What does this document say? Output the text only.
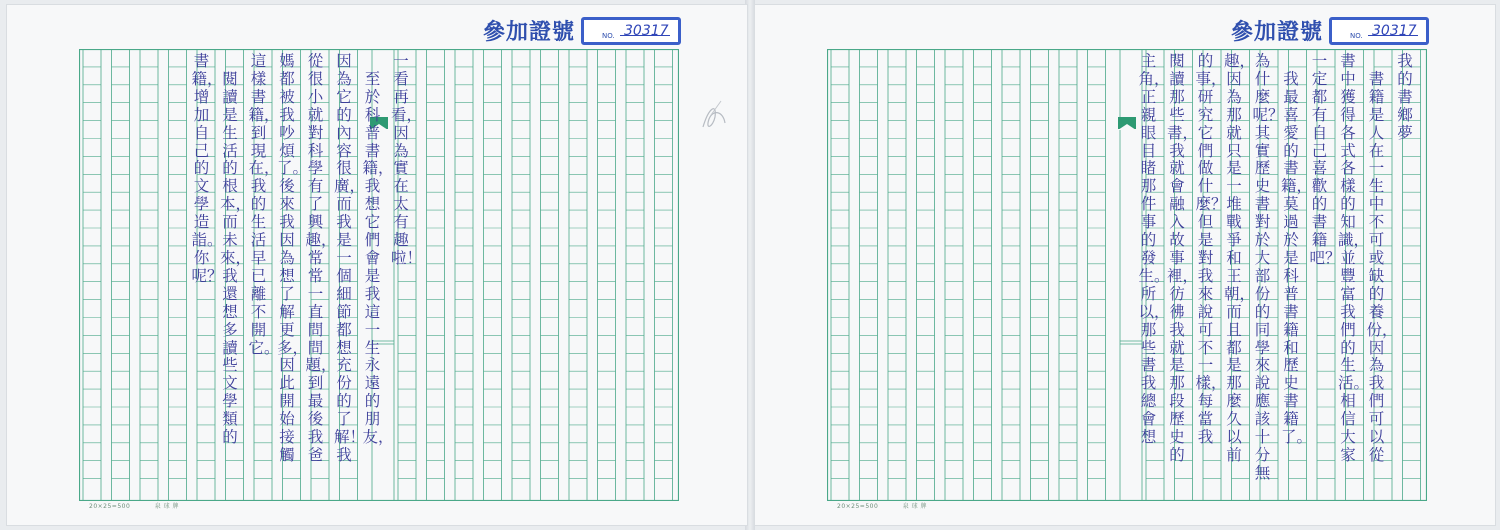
參加證號	NO. 30317
20×25=500	泉 球 牌
一看再看，因為實在太有趣啦！
　至於科普書籍，我想它們會是我這一生永遠的朋友，
因為它的內容很廣，而我是一個細節都想充份的了解！我
從很小就對科學有了興趣，常常一直問問題，到最後我爸
媽都被我吵煩了。後來我因為想了解更多，因此開始接觸
這樣書籍，到現在，我的生活早已離不開它。
　閱讀是生活的根本，而未來，我還想多讀些文學類的
書籍，增加自己的文學造詣。你呢？
參加證號	NO. 30317
20×25=500	泉 球 牌
我的書鄉夢
　書籍是人在一生中不可或缺的養份，因為我們可以從
書中獲得各式各樣的知識，並豐富我們的生活。相信大家
一定都有自己喜歡的書籍吧？
　我最喜愛的書籍，莫過於是科普書籍和歷史書籍了。
為什麼呢？其實歷史書對於大部份的同學來說應該十分無
趣，因為那就只是一堆戰爭和王朝，而且都是那麼久以前
的事，研究它們做什麼？但是對我來說可不一樣，每當我
閱讀那些書，我就會融入故事裡，彷彿我就是那段歷史的
主角，正親眼目睹那件事的發生。所以，那些書我總會想
